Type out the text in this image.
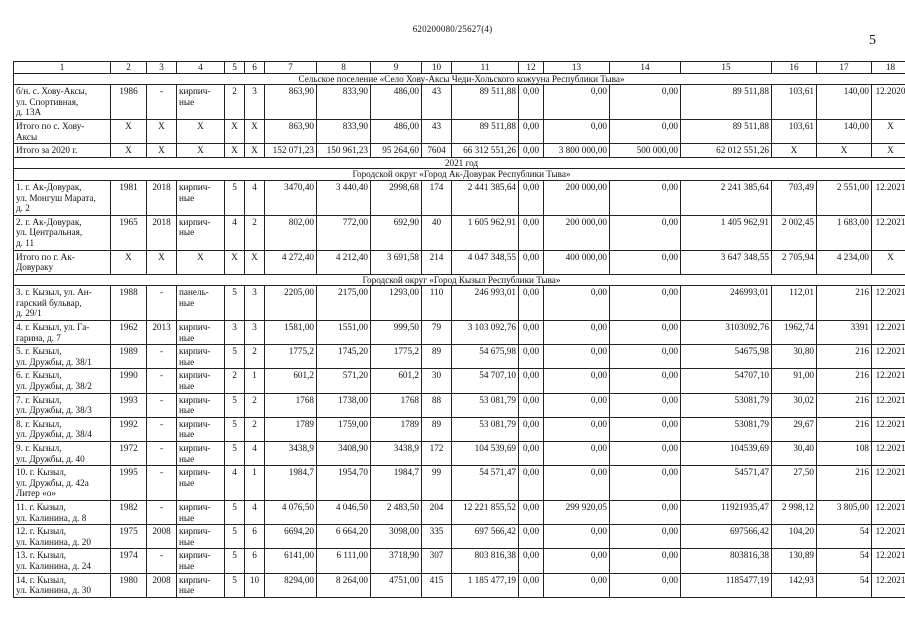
620200080/25627(4)
5
1	2	3	4	5	6	7	8	9	10	11	12	13	14	15	16	17	18
Сельское поселение «Село Хову-Аксы Чеди-Хольского кожууна Республики Тыва»																	
б/н. с. Хову-Аксы,
ул. Спортивная,
д. 13А	1986	-	кирпич-
ные	2	3	863,90	833,90	486,00	43	89 511,88	0,00	0,00	0,00	89 511,88	103,61	140,00	12.2020
Итого по с. Хову-
Аксы	X	X	X	X	X	863,90	833,90	486,00	43	89 511,88	0,00	0,00	0,00	89 511,88	103,61	140,00	X
Итого за 2020 г.	X	X	X	X	X	152 071,23	150 961,23	95 264,60	7604	66 312 551,26	0,00	3 800 000,00	500 000,00	62 012 551,26	X	X	X
2021 год																	
Городской округ «Город Ак-Довурак Республики Тыва»																	
1. г. Ак-Довурак,
ул. Монгуш Марата,
д. 2	1981	2018	кирпич-
ные	5	4	3470,40	3 440,40	2998,68	174	2 441 385,64	0,00	200 000,00	0,00	2 241 385,64	703,49	2 551,00	12.2021
2. г. Ак-Довурак,
ул. Центральная,
д. 11	1965	2018	кирпич-
ные	4	2	802,00	772,00	692,90	40	1 605 962,91	0,00	200 000,00	0,00	1 405 962,91	2 002,45	1 683,00	12.2021
Итого по г. Ак-
Довураку	X	X	X	X	X	4 272,40	4 212,40	3 691,58	214	4 047 348,55	0,00	400 000,00	0,00	3 647 348,55	2 705,94	4 234,00	X
Городской округ «Город Кызыл Республики Тыва»																	
3. г. Кызыл, ул. Ан-
гарский бульвар,
д. 29/1	1988	-	панель-
ные	5	3	2205,00	2175,00	1293,00	110	246 993,01	0,00	0,00	0,00	246993,01	112,01	216	12.2021
4. г. Кызыл, ул. Га-
гарина, д. 7	1962	2013	кирпич-
ные	3	3	1581,00	1551,00	999,50	79	3 103 092,76	0,00	0,00	0,00	3103092,76	1962,74	3391	12.2021
5. г. Кызыл,
ул. Дружбы, д. 38/1	1989	-	кирпич-
ные	5	2	1775,2	1745,20	1775,2	89	54 675,98	0,00	0,00	0,00	54675,98	30,80	216	12.2021
6. г. Кызыл,
ул. Дружбы, д. 38/2	1990	-	кирпич-
ные	2	1	601,2	571,20	601,2	30	54 707,10	0,00	0,00	0,00	54707,10	91,00	216	12.2021
7. г. Кызыл,
ул. Дружбы, д. 38/3	1993	-	кирпич-
ные	5	2	1768	1738,00	1768	88	53 081,79	0,00	0,00	0,00	53081,79	30,02	216	12.2021
8. г. Кызыл,
ул. Дружбы, д. 38/4	1992	-	кирпич-
ные	5	2	1789	1759,00	1789	89	53 081,79	0,00	0,00	0,00	53081,79	29,67	216	12.2021
9. г. Кызыл,
ул. Дружбы, д. 40	1972	-	кирпич-
ные	5	4	3438,9	3408,90	3438,9	172	104 539,69	0,00	0,00	0,00	104539,69	30,40	108	12.2021
10. г. Кызыл,
ул. Дружбы, д. 42а
Литер «о»	1995	-	кирпич-
ные	4	1	1984,7	1954,70	1984,7	99	54 571,47	0,00	0,00	0,00	54571,47	27,50	216	12.2021
11. г. Кызыл,
ул. Калинина, д. 8	1982	-	кирпич-
ные	5	4	4 076,50	4 046,50	2 483,50	204	12 221 855,52	0,00	299 920,05	0,00	11921935,47	2 998,12	3 805,00	12.2021
12. г. Кызыл,
ул. Калинина, д. 20	1975	2008	кирпич-
ные	5	6	6694,20	6 664,20	3098,00	335	697 566,42	0,00	0,00	0,00	697566,42	104,20	54	12.2021
13. г. Кызыл,
ул. Калинина, д. 24	1974	-	кирпич-
ные	5	6	6141,00	6 111,00	3718,90	307	803 816,38	0,00	0,00	0,00	803816,38	130,89	54	12.2021
14. г. Кызыл,
ул. Калинина, д. 30	1980	2008	кирпич-
ные	5	10	8294,00	8 264,00	4751,00	415	1 185 477,19	0,00	0,00	0,00	1185477,19	142,93	54	12.2021
